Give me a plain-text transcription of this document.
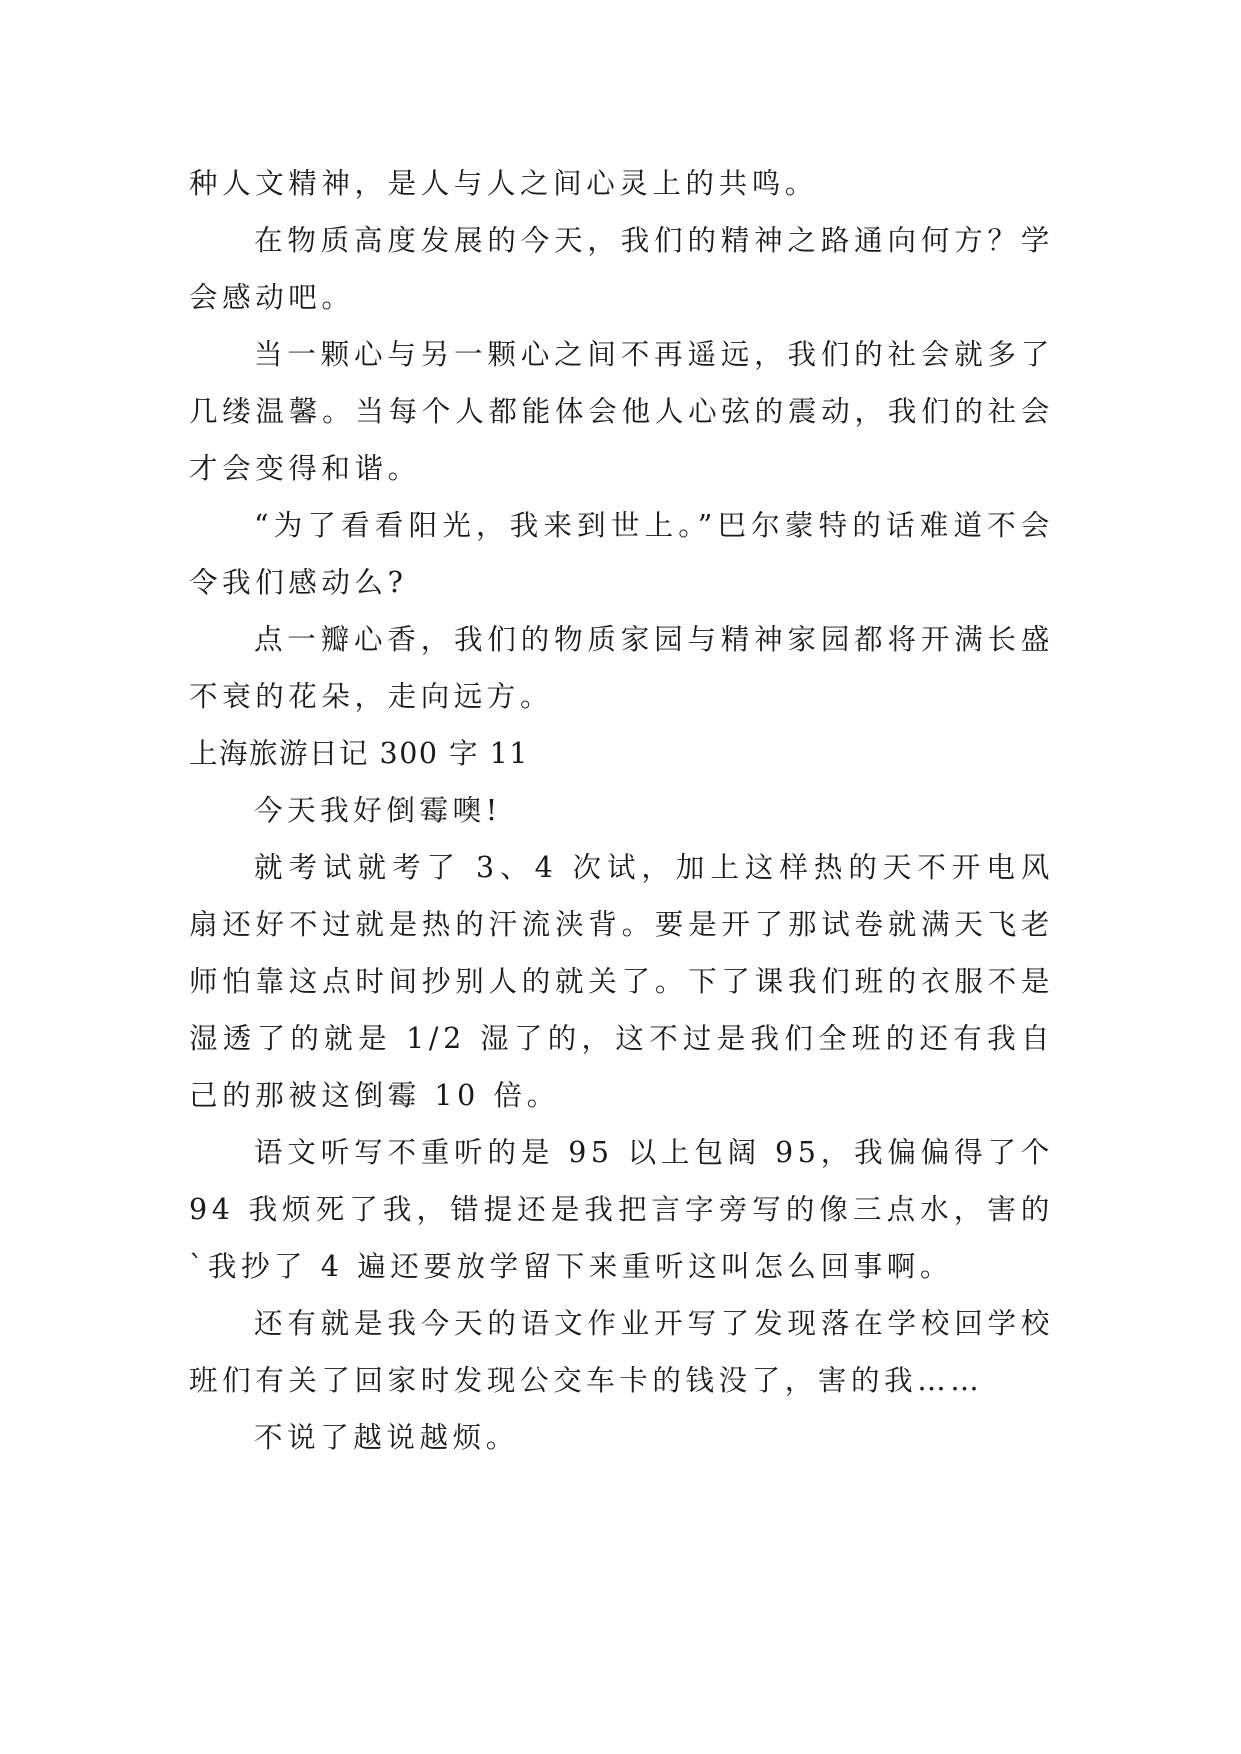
种人文精神，是人与人之间心灵上的共鸣。

在物质高度发展的今天，我们的精神之路通向何方？学会感动吧。

当一颗心与另一颗心之间不再遥远，我们的社会就多了几缕温馨。当每个人都能体会他人心弦的震动，我们的社会才会变得和谐。

“为了看看阳光，我来到世上。”巴尔蒙特的话难道不会令我们感动么?

点一瓣心香，我们的物质家园与精神家园都将开满长盛不衰的花朵，走向远方。

上海旅游日记 300 字 11

今天我好倒霉噢!

就考试就考了 3、4 次试，加上这样热的天不开电风扇还好不过就是热的汗流浃背。要是开了那试卷就满天飞老师怕靠这点时间抄别人的就关了。下了课我们班的衣服不是湿透了的就是 1/2 湿了的，这不过是我们全班的还有我自己的那被这倒霉 10 倍。

语文听写不重听的是 95 以上包阔 95，我偏偏得了个 94 我烦死了我，错提还是我把言字旁写的像三点水，害的`我抄了 4 遍还要放学留下来重听这叫怎么回事啊。

还有就是我今天的语文作业开写了发现落在学校回学校班们有关了回家时发现公交车卡的钱没了，害的我……

不说了越说越烦。
